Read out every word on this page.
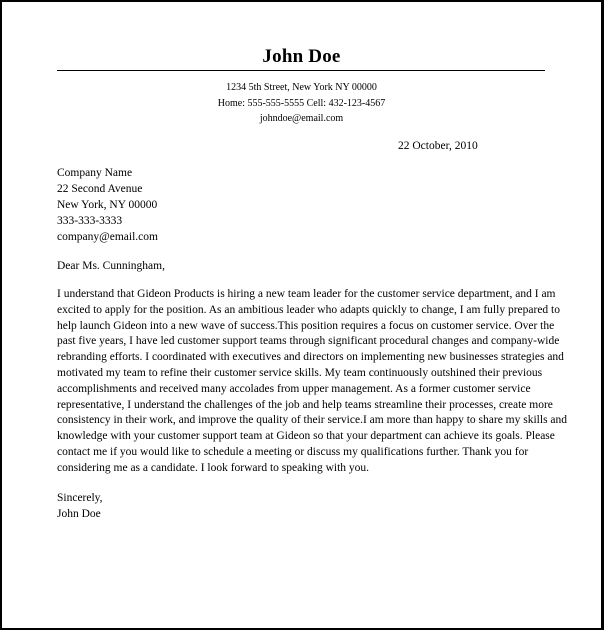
John Doe
1234 5th Street, New York NY 00000
Home: 555-555-5555 Cell: 432-123-4567
johndoe@email.com
22 October, 2010
Company Name
22 Second Avenue
New York, NY 00000
333-333-3333
company@email.com
Dear Ms. Cunningham,
I understand that Gideon Products is hiring a new team leader for the customer service department, and I am
excited to apply for the position. As an ambitious leader who adapts quickly to change, I am fully prepared to
help launch Gideon into a new wave of success.This position requires a focus on customer service. Over the
past five years, I have led customer support teams through significant procedural changes and company-wide
rebranding efforts. I coordinated with executives and directors on implementing new businesses strategies and
motivated my team to refine their customer service skills. My team continuously outshined their previous
accomplishments and received many accolades from upper management. As a former customer service
representative, I understand the challenges of the job and help teams streamline their processes, create more
consistency in their work, and improve the quality of their service.I am more than happy to share my skills and
knowledge with your customer support team at Gideon so that your department can achieve its goals. Please
contact me if you would like to schedule a meeting or discuss my qualifications further. Thank you for
considering me as a candidate. I look forward to speaking with you.
Sincerely,
John Doe
